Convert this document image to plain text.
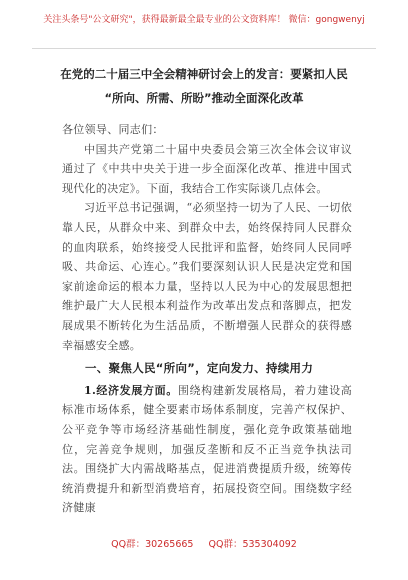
关注头条号"公文研究"，获得最新最全最专业的公文资料库！ 微信：gongwenyj
在党的二十届三中全会精神研讨会上的发言：要紧扣人民
“所向、所需、所盼”推动全面深化改革

各位领导、同志们：

中国共产党第二十届中央委员会第三次全体会议审议通过了《中共中央关于进一步全面深化改革、推进中国式现代化的决定》。下面，我结合工作实际谈几点体会。

习近平总书记强调，“必须坚持一切为了人民、一切依靠人民，从群众中来、到群众中去，始终保持同人民群众的血肉联系，始终接受人民批评和监督，始终同人民同呼吸、共命运、心连心。”我们要深刻认识人民是决定党和国家前途命运的根本力量，坚持以人民为中心的发展思想把维护最广大人民根本利益作为改革出发点和落脚点，把发展成果不断转化为生活品质，不断增强人民群众的获得感幸福感安全感。

一、聚焦人民“所向”，定向发力、持续用力

1.经济发展方面。围绕构建新发展格局，着力建设高标准市场体系，健全要素市场体系制度，完善产权保护、公平竞争等市场经济基础性制度，强化竞争政策基础地位，完善竞争规则，加强反垄断和反不正当竞争执法司法。围绕扩大内需战略基点，促进消费提质升级，统筹传统消费提升和新型消费培育，拓展投资空间。围绕数字经济健康

QQ群：30265665 QQ群：535304092
